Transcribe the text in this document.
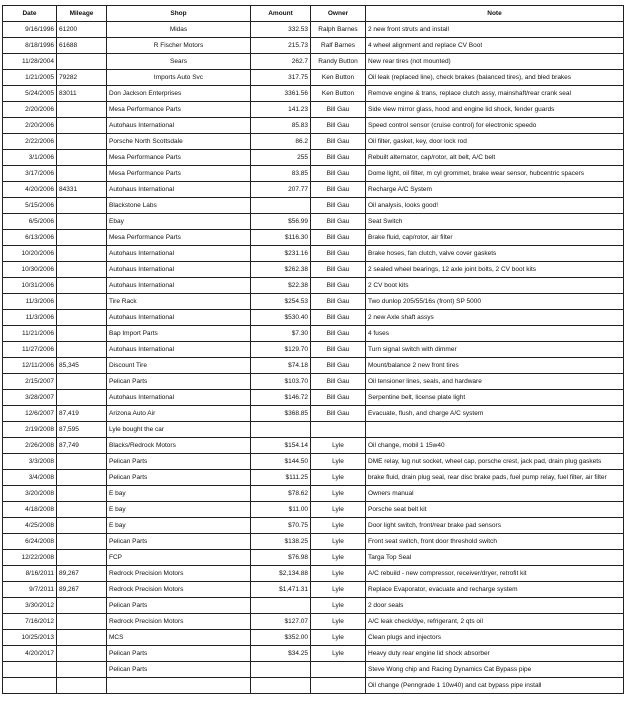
Date	Mileage	Shop	Amount	Owner	Note
9/16/1996	61200	Midas	332.53	Ralph Barnes	2 new front struts and install
8/18/1996	61688	R Fischer Motors	215.73	Ralf Barnes	4 wheel alignment and replace CV Boot
11/28/2004		Sears	262.7	Randy Button	New rear tires (not mounted)
1/21/2005	79282	Imports Auto Svc	317.75	Ken Button	Oil leak (replaced line), check brakes (balanced tires), and bled brakes
5/24/2005	83011	Don Jackson Enterprises	3361.56	Ken Button	Remove engine & trans, replace clutch assy, mainshaft/rear crank seal
2/20/2006		Mesa Performance Parts	141.23	Bill Gau	Side view mirror glass, hood and engine lid shock, fender guards
2/20/2006		Autohaus International	85.83	Bill Gau	Speed control sensor (cruise control) for electronic speedo
2/22/2006		Porsche North Scottsdale	86.2	Bill Gau	Oil filter, gasket, key, door lock rod
3/1/2006		Mesa Performance Parts	255	Bill Gau	Rebuilt alternator, cap/rotor, alt belt, A/C belt
3/17/2006		Mesa Performance Parts	83.85	Bill Gau	Dome light, oil filter, m cyl grommet, brake wear sensor, hubcentric spacers
4/20/2006	84331	Autohaus International	207.77	Bill Gau	Recharge A/C System
5/15/2006		Blackstone Labs		Bill Gau	Oil analysis, looks good!
6/5/2006		Ebay	$56.99	Bill Gau	Seat Switch
6/13/2006		Mesa Performance Parts	$116.30	Bill Gau	Brake fluid, cap/rotor, air filter
10/20/2006		Autohaus International	$231.16	Bill Gau	Brake hoses, fan clutch, valve cover gaskets
10/30/2006		Autohaus International	$262.38	Bill Gau	2 sealed wheel bearings, 12 axle joint bolts, 2 CV boot kits
10/31/2006		Autohaus International	$22.38	Bill Gau	2 CV boot kits
11/3/2006		Tire Rack	$254.53	Bill Gau	Two dunlop 205/55/16s (front) SP 5000
11/3/2006		Autohaus International	$530.40	Bill Gau	2 new Axle shaft assys
11/21/2006		Bap Import Parts	$7.30	Bill Gau	4 fuses
11/27/2006		Autohaus International	$129.70	Bill Gau	Turn signal switch with dimmer
12/11/2006	85,345	Discount Tire	$74.18	Bill Gau	Mount/balance 2 new front tires
2/15/2007		Pelican Parts	$103.70	Bill Gau	Oil tensioner lines, seals, and hardware
3/28/2007		Autohaus International	$146.72	Bill Gau	Serpentine belt, license plate light
12/6/2007	87,419	Arizona Auto Air	$368.85	Bill Gau	Evacuate, flush, and charge A/C system
2/19/2008	87,595	Lyle bought the car			
2/26/2008	87,749	Blacks/Redrock Motors	$154.14	Lyle	Oil change, mobil 1 15w40
3/3/2008		Pelican Parts	$144.50	Lyle	DME relay, lug nut socket, wheel cap, porsche crest, jack pad, drain plug gaskets
3/4/2008		Pelican Parts	$111.25	Lyle	brake fluid, drain plug seal, rear disc brake pads, fuel pump relay, fuel filter, air filter
3/20/2008		E bay	$78.62	Lyle	Owners manual
4/18/2008		E bay	$11.00	Lyle	Porsche seat belt kit
4/25/2008		E bay	$70.75	Lyle	Door light switch, front/rear brake pad sensors
6/24/2008		Pelican Parts	$138.25	Lyle	Front seat switch, front door threshold switch
12/22/2008		FCP	$76.98	Lyle	Targa Top Seal
8/16/2011	89,267	Redrock Precision Motors	$2,134.88	Lyle	A/C rebuild - new compressor, receiver/dryer, retrofit kit
9/7/2011	89,267	Redrock Precision Motors	$1,471.31	Lyle	Replace Evaporator, evacuate and recharge system
3/30/2012		Pelican Parts		Lyle	2 door seals
7/16/2012		Redrock Precision Motors	$127.07	Lyle	A/C leak check/dye, refrigerant, 2 qts oil
10/25/2013		MCS	$352.00	Lyle	Clean plugs and injectors
4/20/2017		Pelican Parts	$34.25	Lyle	Heavy duty rear engine lid shock absorber
		Pelican Parts			Steve Wong chip and Racing Dynamics Cat Bypass pipe
					Oil change (Penngrade 1 10w40) and cat bypass pipe install
